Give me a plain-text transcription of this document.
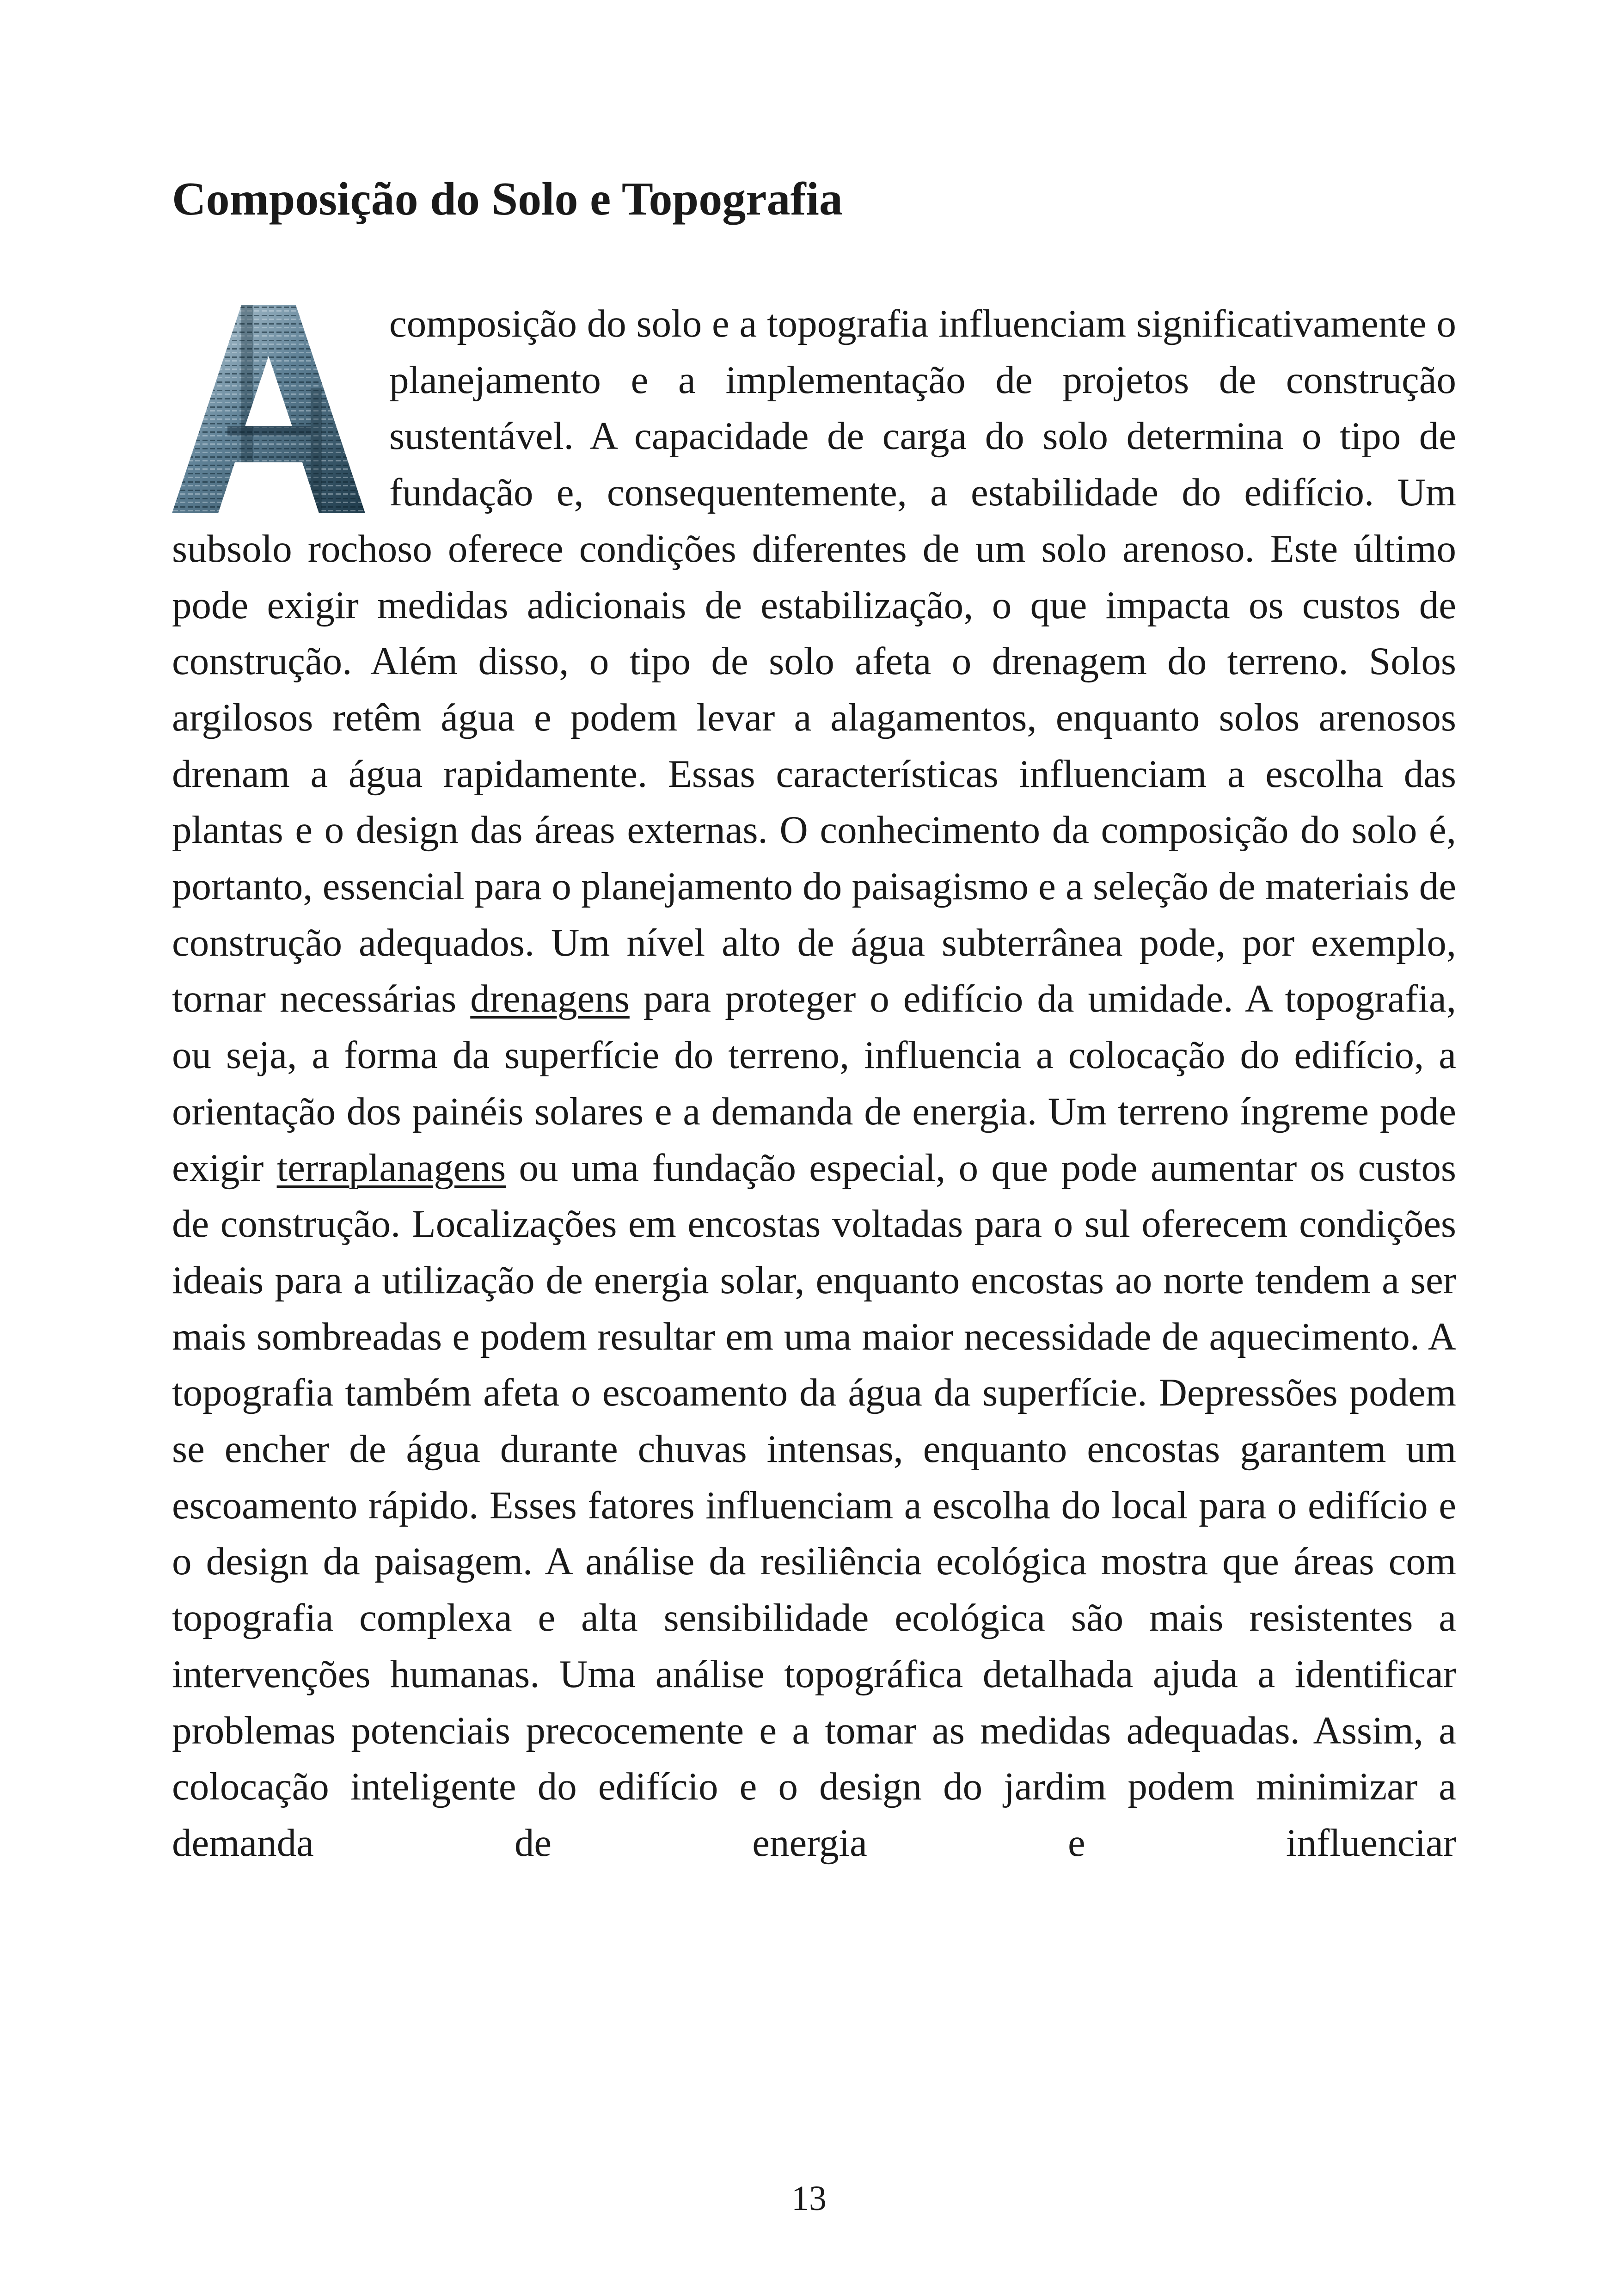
Composição do Solo e Topografia

composição do solo e a topografia influenciam significativamente o planejamento e a implementação de projetos de construção sustentável. A capacidade de carga do solo determina o tipo de fundação e, consequentemente, a estabilidade do edifício. Um subsolo rochoso oferece condições diferentes de um solo arenoso. Este último pode exigir medidas adicionais de estabilização, o que impacta os custos de construção. Além disso, o tipo de solo afeta o drenagem do terreno. Solos argilosos retêm água e podem levar a alagamentos, enquanto solos arenosos drenam a água rapidamente. Essas características influenciam a escolha das plantas e o design das áreas externas. O conhecimento da composição do solo é, portanto, essencial para o planejamento do paisagismo e a seleção de materiais de construção adequados. Um nível alto de água subterrânea pode, por exemplo, tornar necessárias drenagens para proteger o edifício da umidade. A topografia, ou seja, a forma da superfície do terreno, influencia a colocação do edifício, a orientação dos painéis solares e a demanda de energia. Um terreno íngreme pode exigir terraplanagens ou uma fundação especial, o que pode aumentar os custos de construção. Localizações em encostas voltadas para o sul oferecem condições ideais para a utilização de energia solar, enquanto encostas ao norte tendem a ser mais sombreadas e podem resultar em uma maior necessidade de aquecimento. A topografia também afeta o escoamento da água da superfície. Depressões podem se encher de água durante chuvas intensas, enquanto encostas garantem um escoamento rápido. Esses fatores influenciam a escolha do local para o edifício e o design da paisagem. A análise da resiliência ecológica mostra que áreas com topografia complexa e alta sensibilidade ecológica são mais resistentes a intervenções humanas. Uma análise topográfica detalhada ajuda a identificar problemas potenciais precocemente e a tomar as medidas adequadas. Assim, a colocação inteligente do edifício e o design do jardim podem minimizar a demanda de energia e influenciar

13
